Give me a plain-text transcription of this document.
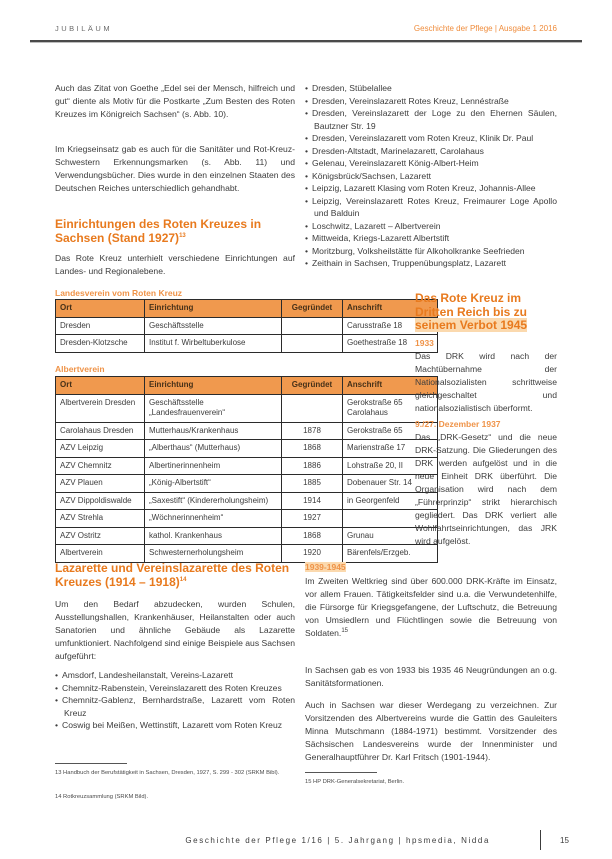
JUBILÄUM	Geschichte der Pflege | Ausgabe 1 2016
Auch das Zitat von Goethe „Edel sei der Mensch, hilfreich und gut“ diente als Motiv für die Postkarte „Zum Besten des Roten Kreuzes im Königreich Sachsen“ (s. Abb. 10).
Im Kriegseinsatz gab es auch für die Sanitäter und Rot-Kreuz-Schwestern Erkennungsmarken (s. Abb. 11) und Verwendungsbücher. Dies wurde in den einzelnen Staaten des Deutschen Reiches unterschiedlich gehandhabt.
Einrichtungen des Roten Kreuzes in Sachsen (Stand 1927)$^{13}$
Das Rote Kreuz unterhielt verschiedene Einrichtungen auf Landes- und Regionalebene.
Landesverein vom Roten Kreuz
Ort	Einrichtung	Gegründet	Anschrift
Dresden	Geschäftsstelle		Carusstraße 18
Dresden-Klotzsche	Institut f. Wirbeltuberkulose		Goethestraße 18
Albertverein
Ort	Einrichtung	Gegründet	Anschrift
Albertverein Dresden	Geschäftsstelle „Landesfrauenverein“		Gerokstraße 65 Carolahaus
Carolahaus Dresden	Mutterhaus/Krankenhaus	1878	Gerokstraße 65
AZV Leipzig	„Alberthaus“ (Mutterhaus)	1868	Marienstraße 17
AZV Chemnitz	Albertinerinnenheim	1886	Lohstraße 20, II
AZV Plauen	„König-Albertstift“	1885	Dobenauer Str. 14
AZV Dippoldiswalde	„Saxestift“ (Kindererholungsheim)	1914	in Georgenfeld
AZV Strehla	„Wöchnerinnenheim“	1927	
AZV Ostritz	kathol. Krankenhaus	1868	Grunau
Albertverein	Schwesternerholungsheim	1920	Bärenfels/Erzgeb.
Lazarette und Vereinslazarette des Roten Kreuzes (1914 – 1918)$^{14}$
Um den Bedarf abzudecken, wurden Schulen, Ausstellungshallen, Krankenhäuser, Heilanstalten oder auch Sanatorien und ähnliche Gebäude als Lazarette umfunktioniert. Nachfolgend sind einige Beispiele aus Sachsen aufgeführt:
• Amsdorf, Landesheilanstalt, Vereins-Lazarett
• Chemnitz-Rabenstein, Vereinslazarett des Roten Kreuzes
• Chemnitz-Gablenz, Bernhardstraße, Lazarett vom Roten Kreuz
• Coswig bei Meißen, Wettinstift, Lazarett vom Roten Kreuz
13 Handbuch der Berufstätigkeit in Sachsen, Dresden, 1927, S. 299 - 302 (SRKM Bibl).
14 Rotkreuzsammlung (SRKM Bild).
• Dresden, Stübelallee
• Dresden, Vereinslazarett Rotes Kreuz, Lennéstraße
• Dresden, Vereinslazarett der Loge zu den Ehernen Säulen, Bautzner Str. 19
• Dresden, Vereinslazarett vom Roten Kreuz, Klinik Dr. Paul
• Dresden-Altstadt, Marinelazarett, Carolahaus
• Gelenau, Vereinslazarett König-Albert-Heim
• Königsbrück/Sachsen, Lazarett
• Leipzig, Lazarett Klasing vom Roten Kreuz, Johannis-Allee
• Leipzig, Vereinslazarett Rotes Kreuz, Freimaurer Loge Apollo und Balduin
• Loschwitz, Lazarett – Albertverein
• Mittweida, Kriegs-Lazarett Albertstift
• Moritzburg, Volksheilstätte für Alkoholkranke Seefrieden
• Zeithain in Sachsen, Truppenübungsplatz, Lazarett
Das Rote Kreuz im Dritten Reich bis zu seinem Verbot 1945
1933
Das DRK wird nach der Machtübernahme der Nationalsozialisten schrittweise gleichgeschaltet und nationalsozialistisch überformt.
9./27. Dezember 1937
Das „DRK-Gesetz“ und die neue DRK-Satzung. Die Gliederungen des DRK werden aufgelöst und in die neue Einheit DRK überführt. Die Organisation wird nach dem „Führerprinzip“ strikt hierarchisch gegliedert. Das DRK verliert alle Wohlfahrtseinrichtungen, das JRK wird aufgelöst.
1939-1945
Im Zweiten Weltkrieg sind über 600.000 DRK-Kräfte im Einsatz, vor allem Frauen. Tätigkeitsfelder sind u.a. die Verwundetenhilfe, die Fürsorge für Kriegsgefangene, der Luftschutz, die Betreuung von Umsiedlern und Flüchtlingen sowie die Betreuung von Soldaten.$^{15}$
In Sachsen gab es von 1933 bis 1935 46 Neugründungen an o.g. Sanitätsformationen.
Auch in Sachsen war dieser Werdegang zu verzeichnen. Zur Vorsitzenden des Albertvereins wurde die Gattin des Gauleiters Minna Mutschmann (1884-1971) bestimmt. Vorsitzender des Sächsischen Landesvereins wurde der Innenminister und Generalhauptführer Dr. Karl Fritsch (1901-1944).
15 HP DRK-Generalsekretariat, Berlin.
Geschichte der Pflege 1/16 | 5. Jahrgang | hpsmedia, Nidda	15
